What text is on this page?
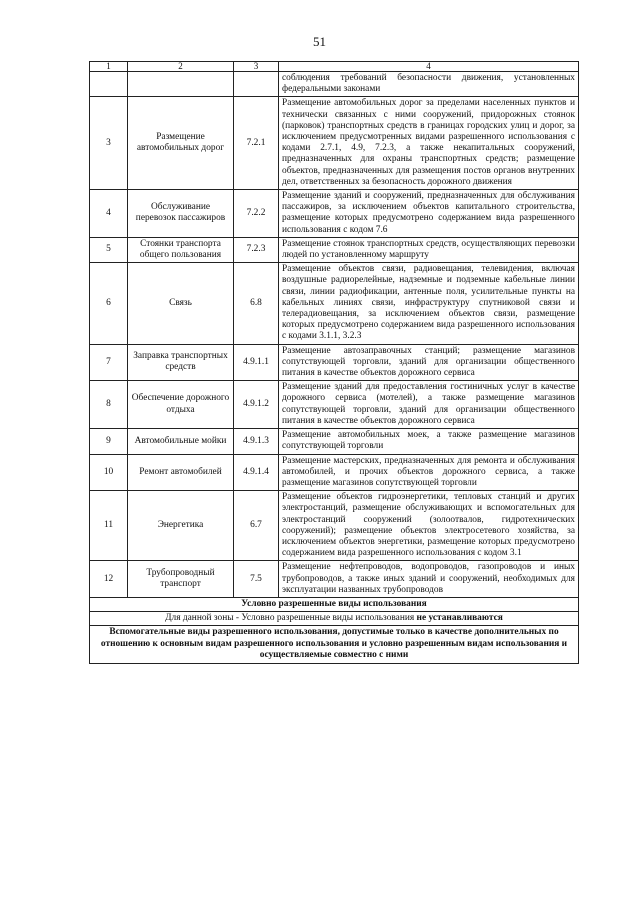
51
1	2	3	4
			соблюдения требований безопасности движения, установленных федеральными законами
3	Размещение автомобильных дорог	7.2.1	Размещение автомобильных дорог за пределами населенных пунктов и технически связанных с ними сооружений, придорожных стоянок (парковок) транспортных средств в границах городских улиц и дорог, за исключением предусмотренных видами разрешенного использования с кодами 2.7.1, 4.9, 7.2.3, а также некапитальных сооружений, предназначенных для охраны транспортных средств; размещение объектов, предназначенных для размещения постов органов внутренних дел, ответственных за безопасность дорожного движения
4	Обслуживание перевозок пассажиров	7.2.2	Размещение зданий и сооружений, предназначенных для обслуживания пассажиров, за исключением объектов капитального строительства, размещение которых предусмотрено содержанием вида разрешенного использования с кодом 7.6
5	Стоянки транспорта общего пользования	7.2.3	Размещение стоянок транспортных средств, осуществляющих перевозки людей по установленному маршруту
6	Связь	6.8	Размещение объектов связи, радиовещания, телевидения, включая воздушные радиорелейные, надземные и подземные кабельные линии связи, линии радиофикации, антенные поля, усилительные пункты на кабельных линиях связи, инфраструктуру спутниковой связи и телерадиовещания, за исключением объектов связи, размещение которых предусмотрено содержанием вида разрешенного использования с кодами 3.1.1, 3.2.3
7	Заправка транспортных средств	4.9.1.1	Размещение автозаправочных станций; размещение магазинов сопутствующей торговли, зданий для организации общественного питания в качестве объектов дорожного сервиса
8	Обеспечение дорожного отдыха	4.9.1.2	Размещение зданий для предоставления гостиничных услуг в качестве дорожного сервиса (мотелей), а также размещение магазинов сопутствующей торговли, зданий для организации общественного питания в качестве объектов дорожного сервиса
9	Автомобильные мойки	4.9.1.3	Размещение автомобильных моек, а также размещение магазинов сопутствующей торговли
10	Ремонт автомобилей	4.9.1.4	Размещение мастерских, предназначенных для ремонта и обслуживания автомобилей, и прочих объектов дорожного сервиса, а также размещение магазинов сопутствующей торговли
11	Энергетика	6.7	Размещение объектов гидроэнергетики, тепловых станций и других электростанций, размещение обслуживающих и вспомогательных для электростанций сооружений (золоотвалов, гидротехнических сооружений); размещение объектов электросетевого хозяйства, за исключением объектов энергетики, размещение которых предусмотрено содержанием вида разрешенного использования с кодом 3.1
12	Трубопроводный транспорт	7.5	Размещение нефтепроводов, водопроводов, газопроводов и иных трубопроводов, а также иных зданий и сооружений, необходимых для эксплуатации названных трубопроводов
Условно разрешенные виды использования			
Для данной зоны - Условно разрешенные виды использования не устанавливаются			
Вспомогательные виды разрешенного использования, допустимые только в качестве дополнительных по отношению к основным видам разрешенного использования и условно разрешенным видам использования и осуществляемые совместно с ними			
